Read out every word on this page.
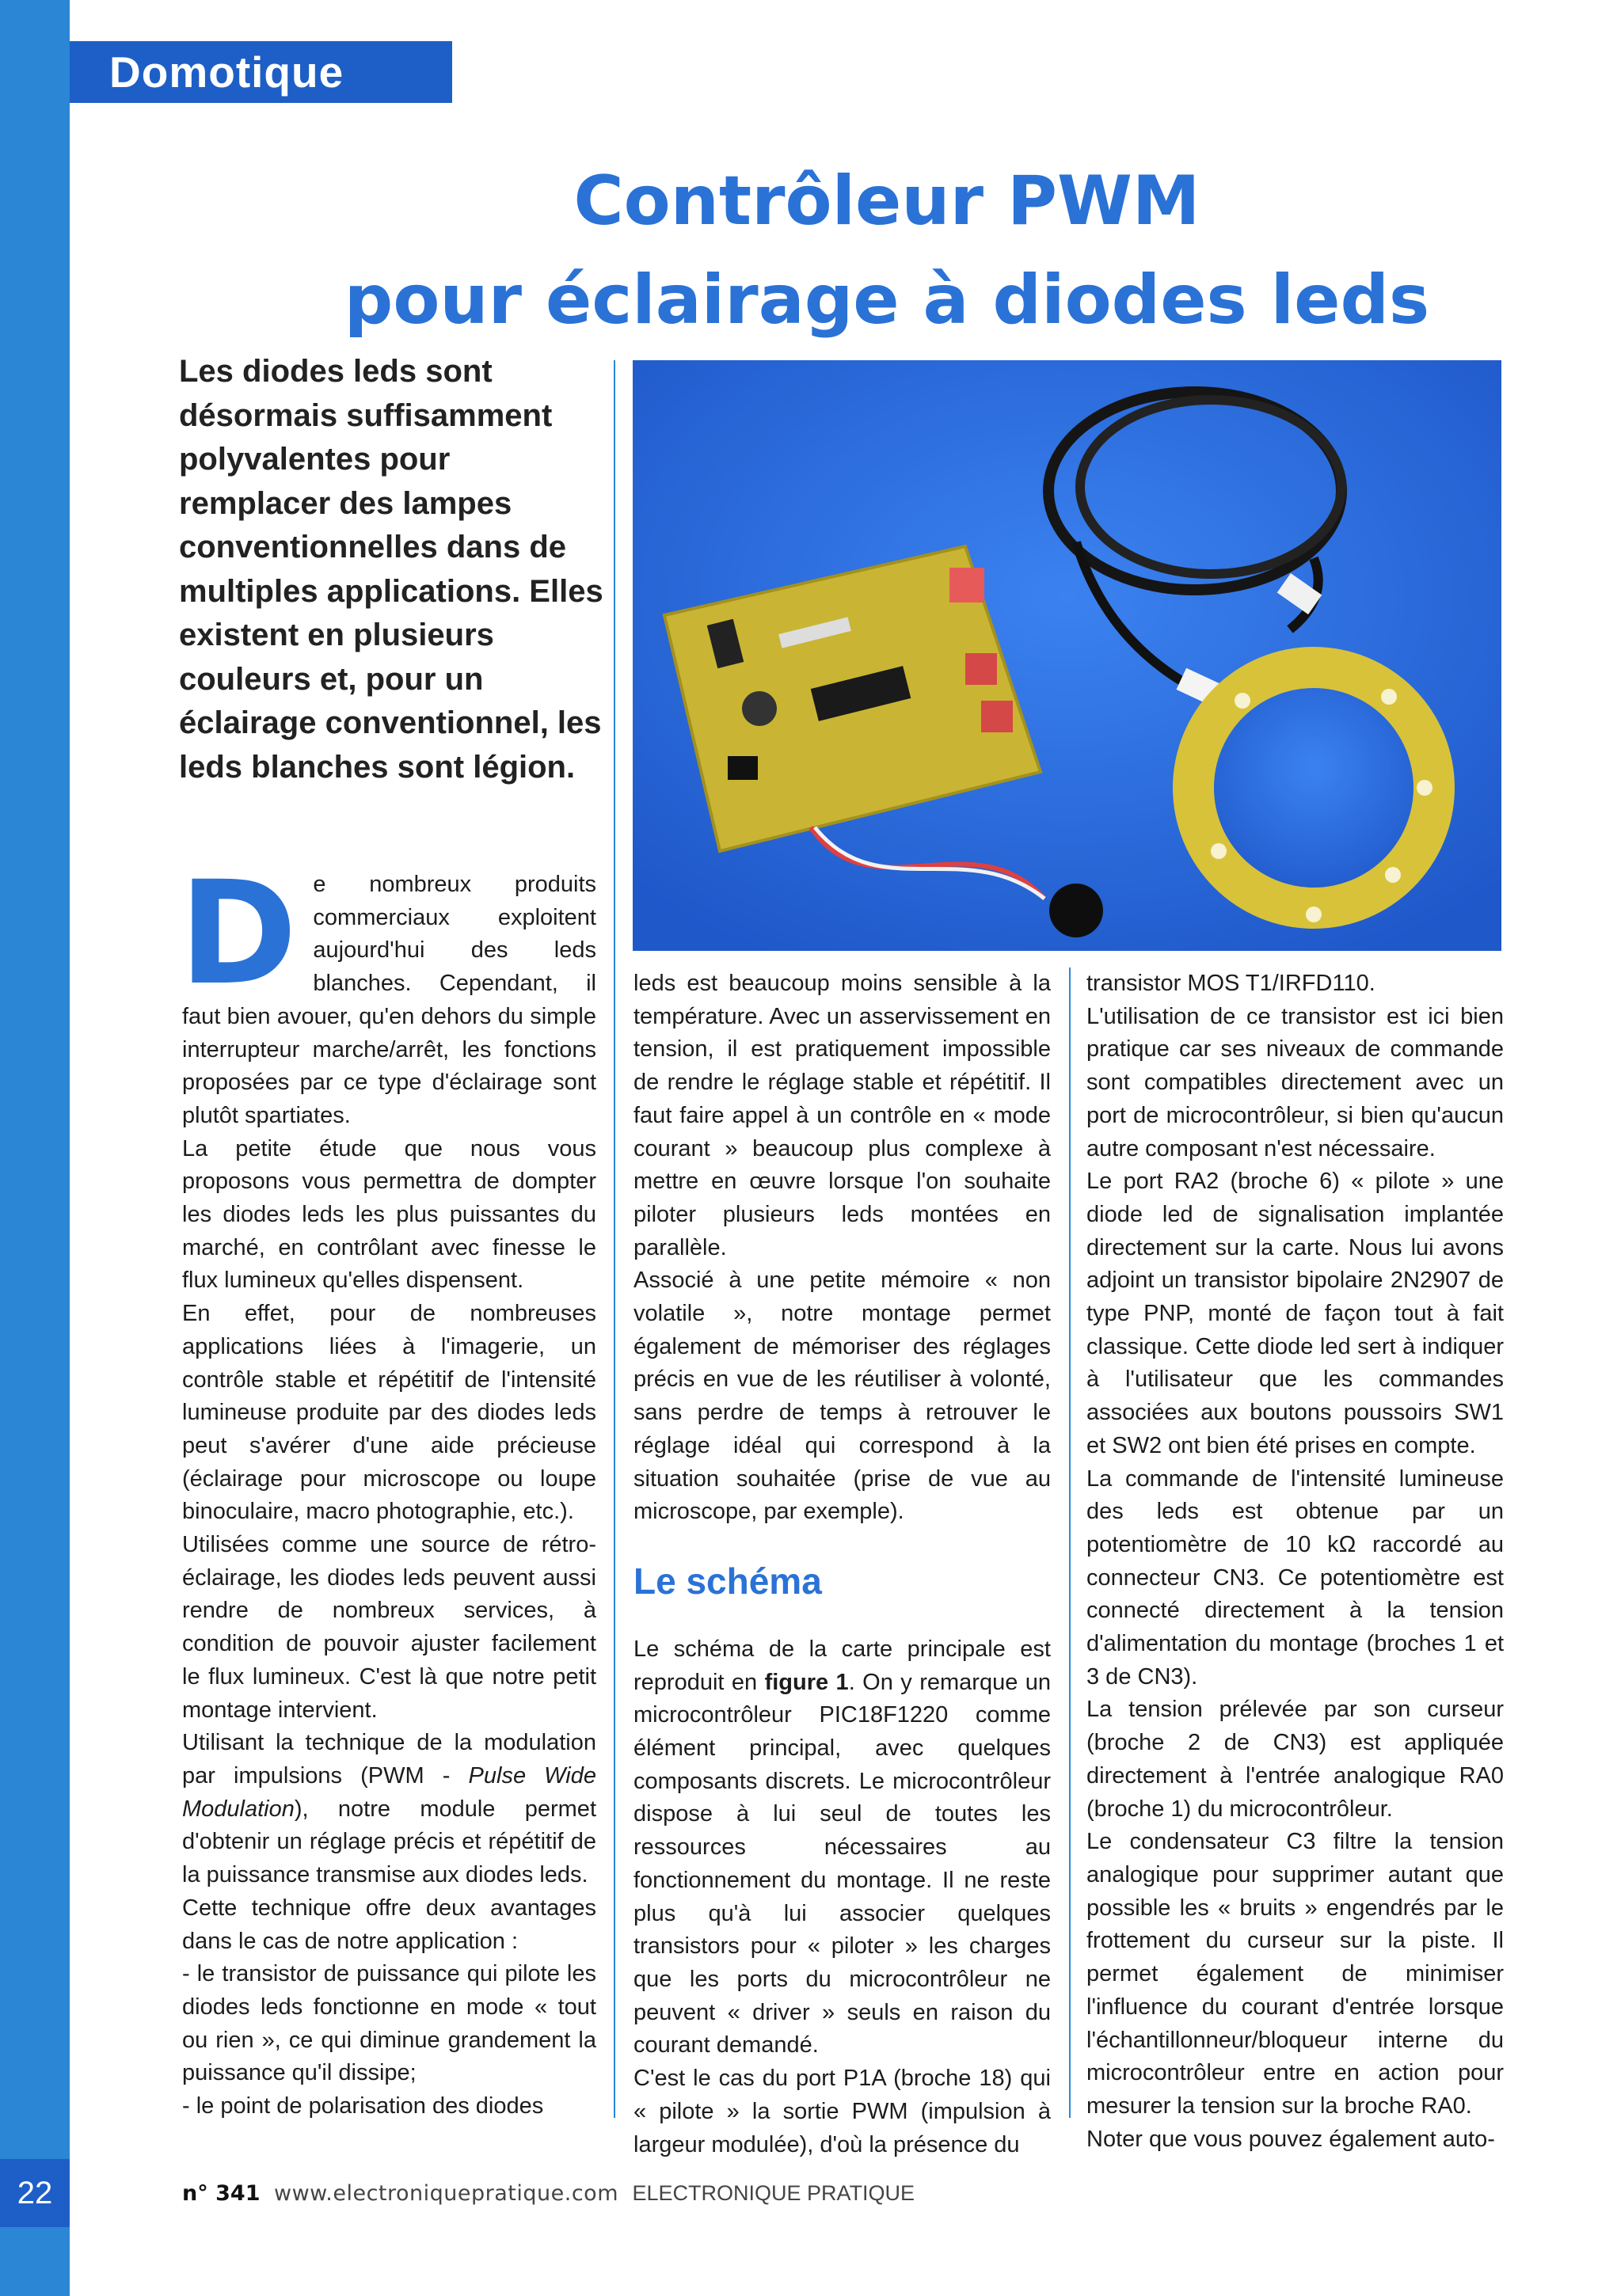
Domotique
Contrôleur PWM
pour éclairage à diodes leds
Les diodes leds sont désormais suffisamment polyvalentes pour remplacer des lampes conventionnelles dans de multiples applications. Elles existent en plusieurs couleurs et, pour un éclairage conventionnel, les leds blanches sont légion.
D e nombreux produits commerciaux exploitent aujourd'hui des leds blanches. Cependant, il faut bien avouer, qu'en dehors du simple interrupteur marche/arrêt, les fonctions proposées par ce type d'éclairage sont plutôt spartiates.

La petite étude que nous vous proposons vous permettra de dompter les diodes leds les plus puissantes du marché, en contrôlant avec finesse le flux lumineux qu'elles dispensent.

En effet, pour de nombreuses applications liées à l'imagerie, un contrôle stable et répétitif de l'intensité lumineuse produite par des diodes leds peut s'avérer d'une aide précieuse (éclairage pour microscope ou loupe binoculaire, macro photographie, etc.).

Utilisées comme une source de rétro-éclairage, les diodes leds peuvent aussi rendre de nombreux services, à condition de pouvoir ajuster facilement le flux lumineux. C'est là que notre petit montage intervient.

Utilisant la technique de la modulation par impulsions (PWM - Pulse Wide Modulation), notre module permet d'obtenir un réglage précis et répétitif de la puissance transmise aux diodes leds.

Cette technique offre deux avantages dans le cas de notre application :

- le transistor de puissance qui pilote les diodes leds fonctionne en mode « tout ou rien », ce qui diminue grandement la puissance qu'il dissipe;

- le point de polarisation des diodes

leds est beaucoup moins sensible à la température. Avec un asservissement en tension, il est pratiquement impossible de rendre le réglage stable et répétitif. Il faut faire appel à un contrôle en « mode courant » beaucoup plus complexe à mettre en œuvre lorsque l'on souhaite piloter plusieurs leds montées en parallèle.

Associé à une petite mémoire « non volatile », notre montage permet également de mémoriser des réglages précis en vue de les réutiliser à volonté, sans perdre de temps à retrouver le réglage idéal qui correspond à la situation souhaitée (prise de vue au microscope, par exemple).

Le schéma

Le schéma de la carte principale est reproduit en figure 1. On y remarque un microcontrôleur PIC18F1220 comme élément principal, avec quelques composants discrets. Le microcontrôleur dispose à lui seul de toutes les ressources nécessaires au fonctionnement du montage. Il ne reste plus qu'à lui associer quelques transistors pour « piloter » les charges que les ports du microcontrôleur ne peuvent « driver » seuls en raison du courant demandé.

C'est le cas du port P1A (broche 18) qui « pilote » la sortie PWM (impulsion à largeur modulée), d'où la présence du

transistor MOS T1/IRFD110.

L'utilisation de ce transistor est ici bien pratique car ses niveaux de commande sont compatibles directement avec un port de microcontrôleur, si bien qu'aucun autre composant n'est nécessaire.

Le port RA2 (broche 6) « pilote » une diode led de signalisation implantée directement sur la carte. Nous lui avons adjoint un transistor bipolaire 2N2907 de type PNP, monté de façon tout à fait classique. Cette diode led sert à indiquer à l'utilisateur que les commandes associées aux boutons poussoirs SW1 et SW2 ont bien été prises en compte.

La commande de l'intensité lumineuse des leds est obtenue par un potentiomètre de 10 kΩ raccordé au connecteur CN3. Ce potentiomètre est connecté directement à la tension d'alimentation du montage (broches 1 et 3 de CN3).

La tension prélevée par son curseur (broche 2 de CN3) est appliquée directement à l'entrée analogique RA0 (broche 1) du microcontrôleur.

Le condensateur C3 filtre la tension analogique pour supprimer autant que possible les « bruits » engendrés par le frottement du curseur sur la piste. Il permet également de minimiser l'influence du courant d'entrée lorsque l'échantillonneur/bloqueur interne du microcontrôleur entre en action pour mesurer la tension sur la broche RA0.

Noter que vous pouvez également auto-

22	n° 341 www.electroniquepratique.com ELECTRONIQUE PRATIQUE
